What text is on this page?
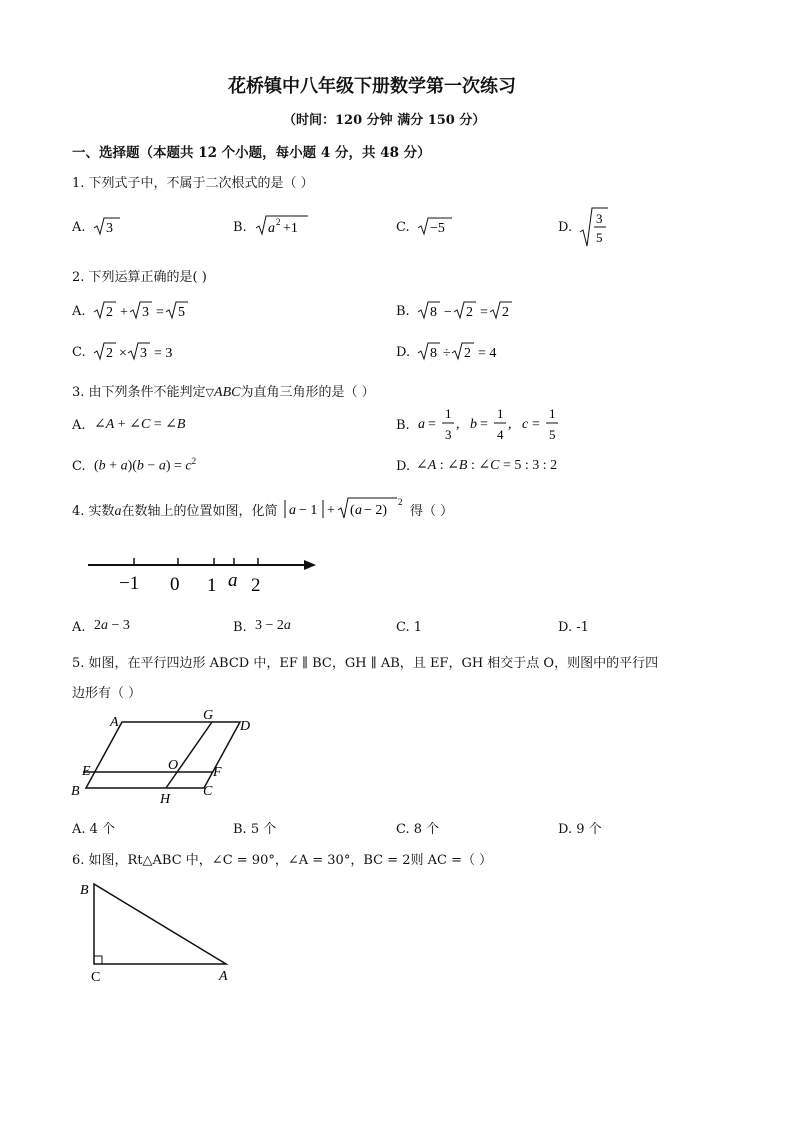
花桥镇中八年级下册数学第一次练习
（时间：120 分钟 满分 150 分）
一、选择题（本题共 12 个小题，每小题 4 分，共 48 分）
1. 下列式子中，不属于二次根式的是（ ）
A. 3	B. a 2 +1	C. −5	D.
3
5
2. 下列运算正确的是( )
A. 2 + 3 = 5	B. 8 − 2 = 2
C. 2 × 3 = 3	D. 8 ÷ 2 = 4
3. 由下列条件不能判定▽ABC为直角三角形的是（ ）
A. ∠A + ∠C = ∠B	B. a =
1
3
, b =
1
4
, c =
1
5
C. $(b + a)(b - a) = c^2$	D. ∠A : ∠B : ∠C = 5 : 3 : 2
4. 实数a在数轴上的位置如图，化简 a − 1 + ( a − 2)
2
得（ ）
−1 0 1 a 2
A. 2a − 3	B. 3 − 2a	C. 1	D. -1
5. 如图，在平行四边形 ABCD 中，EF ∥ BC，GH ∥ AB，且 EF，GH 相交于点 O，则图中的平行四
边形有（ ）
A	G
D
E	O F
B
H
C
A. 4 个	B. 5 个	C. 8 个	D. 9 个
6. 如图，Rt△ABC 中，∠C = 90°，∠A = 30°，BC = 2则 AC =（ ）
B
C	A
